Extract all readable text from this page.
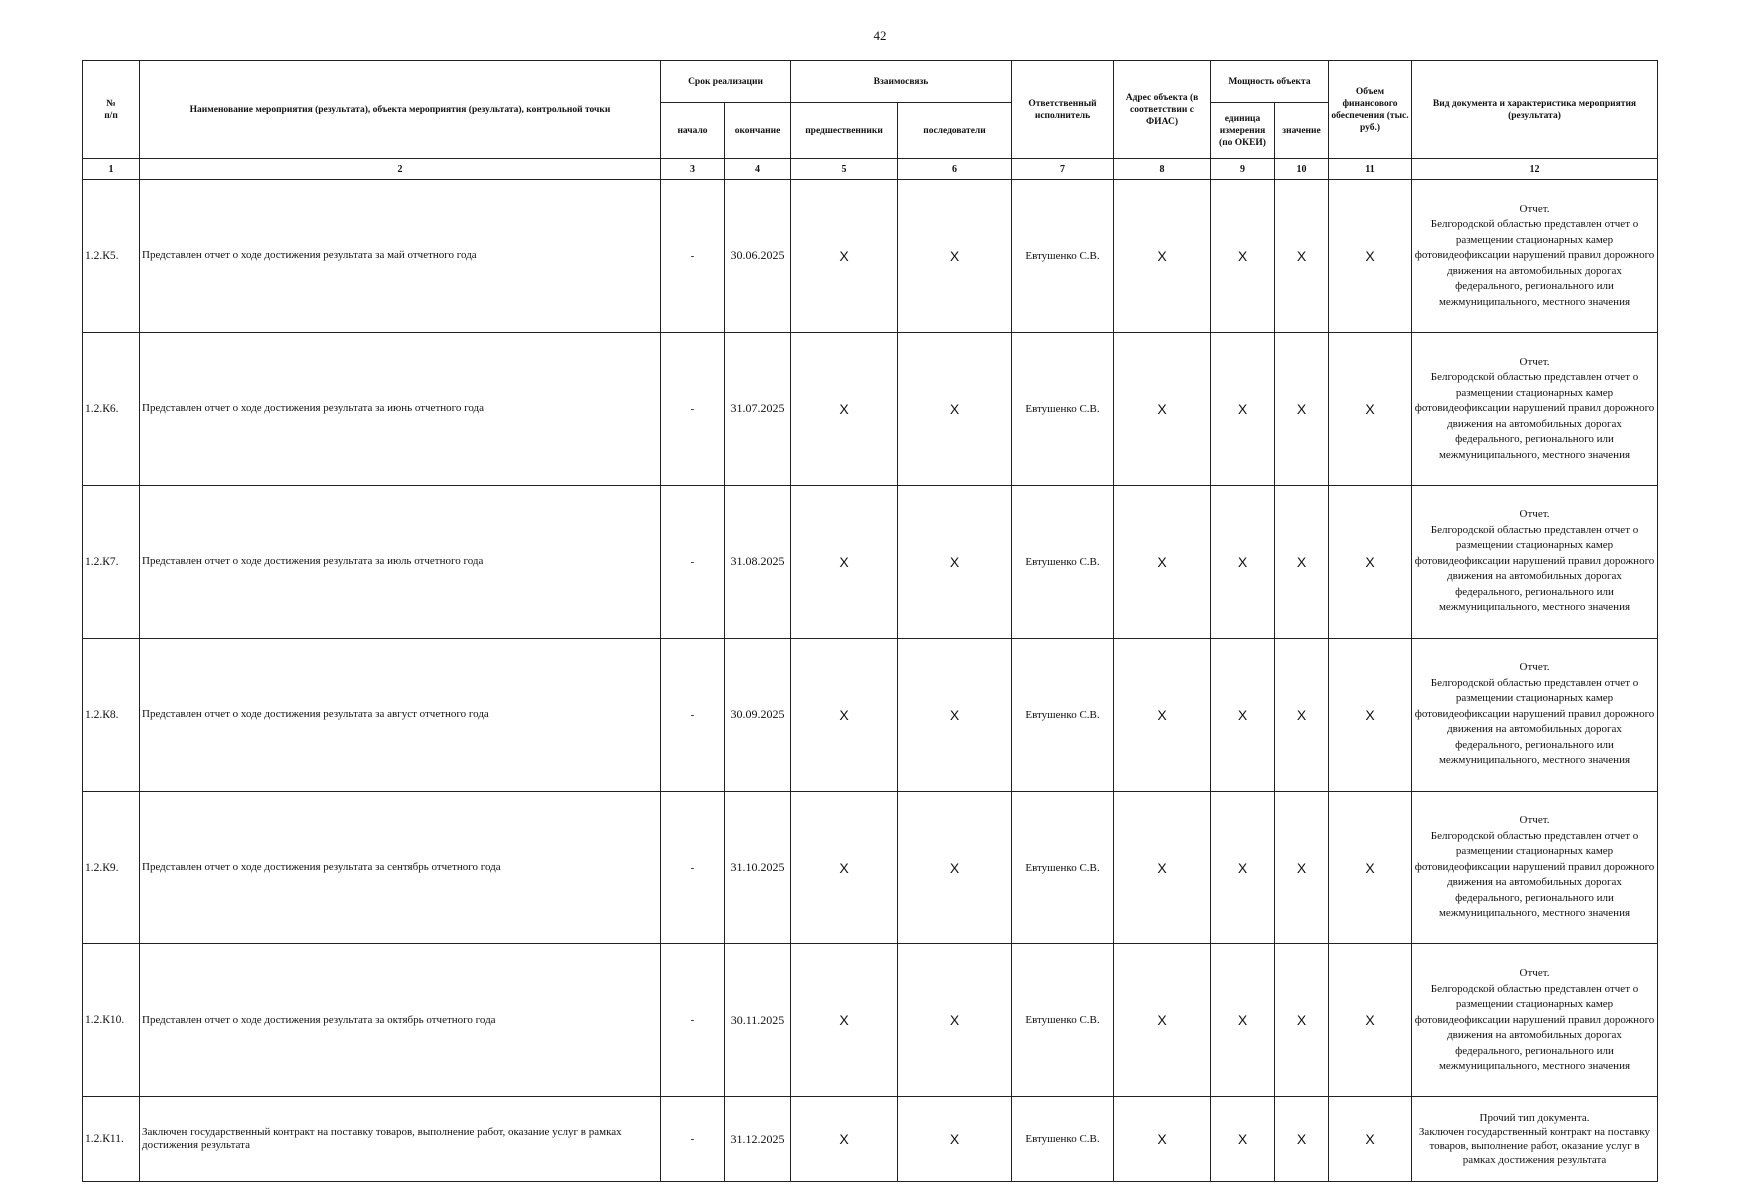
42
№
п/п	Наименование мероприятия (результата), объекта мероприятия (результата), контрольной точки	Срок реализации		Взаимосвязь		Ответственный исполнитель	Адрес объекта (в соответствии с ФИАС)	Мощность объекта		Объем финансового обеспечения (тыс. руб.)	Вид документа и характеристика мероприятия (результата)
		начало	окончание	предшественники	последователи			единица измерения (по ОКЕИ)	значение		
1	2	3	4	5	6	7	8	9	10	11	12
1.2.К5.	Представлен отчет о ходе достижения результата за май отчетного года	-	30.06.2025	X	X	Евтушенко С.В.	X	X	X	X	Отчет.
Белгородской областью представлен отчет о размещении стационарных камер фотовидеофиксации нарушений правил дорожного движения на автомобильных дорогах федерального, регионального или межмуниципального, местного значения
1.2.К6.	Представлен отчет о ходе достижения результата за июнь отчетного года	-	31.07.2025	X	X	Евтушенко С.В.	X	X	X	X	Отчет.
Белгородской областью представлен отчет о размещении стационарных камер фотовидеофиксации нарушений правил дорожного движения на автомобильных дорогах федерального, регионального или межмуниципального, местного значения
1.2.К7.	Представлен отчет о ходе достижения результата за июль отчетного года	-	31.08.2025	X	X	Евтушенко С.В.	X	X	X	X	Отчет.
Белгородской областью представлен отчет о размещении стационарных камер фотовидеофиксации нарушений правил дорожного движения на автомобильных дорогах федерального, регионального или межмуниципального, местного значения
1.2.К8.	Представлен отчет о ходе достижения результата за август отчетного года	-	30.09.2025	X	X	Евтушенко С.В.	X	X	X	X	Отчет.
Белгородской областью представлен отчет о размещении стационарных камер фотовидеофиксации нарушений правил дорожного движения на автомобильных дорогах федерального, регионального или межмуниципального, местного значения
1.2.К9.	Представлен отчет о ходе достижения результата за сентябрь отчетного года	-	31.10.2025	X	X	Евтушенко С.В.	X	X	X	X	Отчет.
Белгородской областью представлен отчет о размещении стационарных камер фотовидеофиксации нарушений правил дорожного движения на автомобильных дорогах федерального, регионального или межмуниципального, местного значения
1.2.К10.	Представлен отчет о ходе достижения результата за октябрь отчетного года	-	30.11.2025	X	X	Евтушенко С.В.	X	X	X	X	Отчет.
Белгородской областью представлен отчет о размещении стационарных камер фотовидеофиксации нарушений правил дорожного движения на автомобильных дорогах федерального, регионального или межмуниципального, местного значения
1.2.К11.	Заключен государственный контракт на поставку товаров, выполнение работ, оказание услуг в рамках достижения результата	-	31.12.2025	X	X	Евтушенко С.В.	X	X	X	X	Прочий тип документа.
Заключен государственный контракт на поставку товаров, выполнение работ, оказание услуг в рамках достижения результата
